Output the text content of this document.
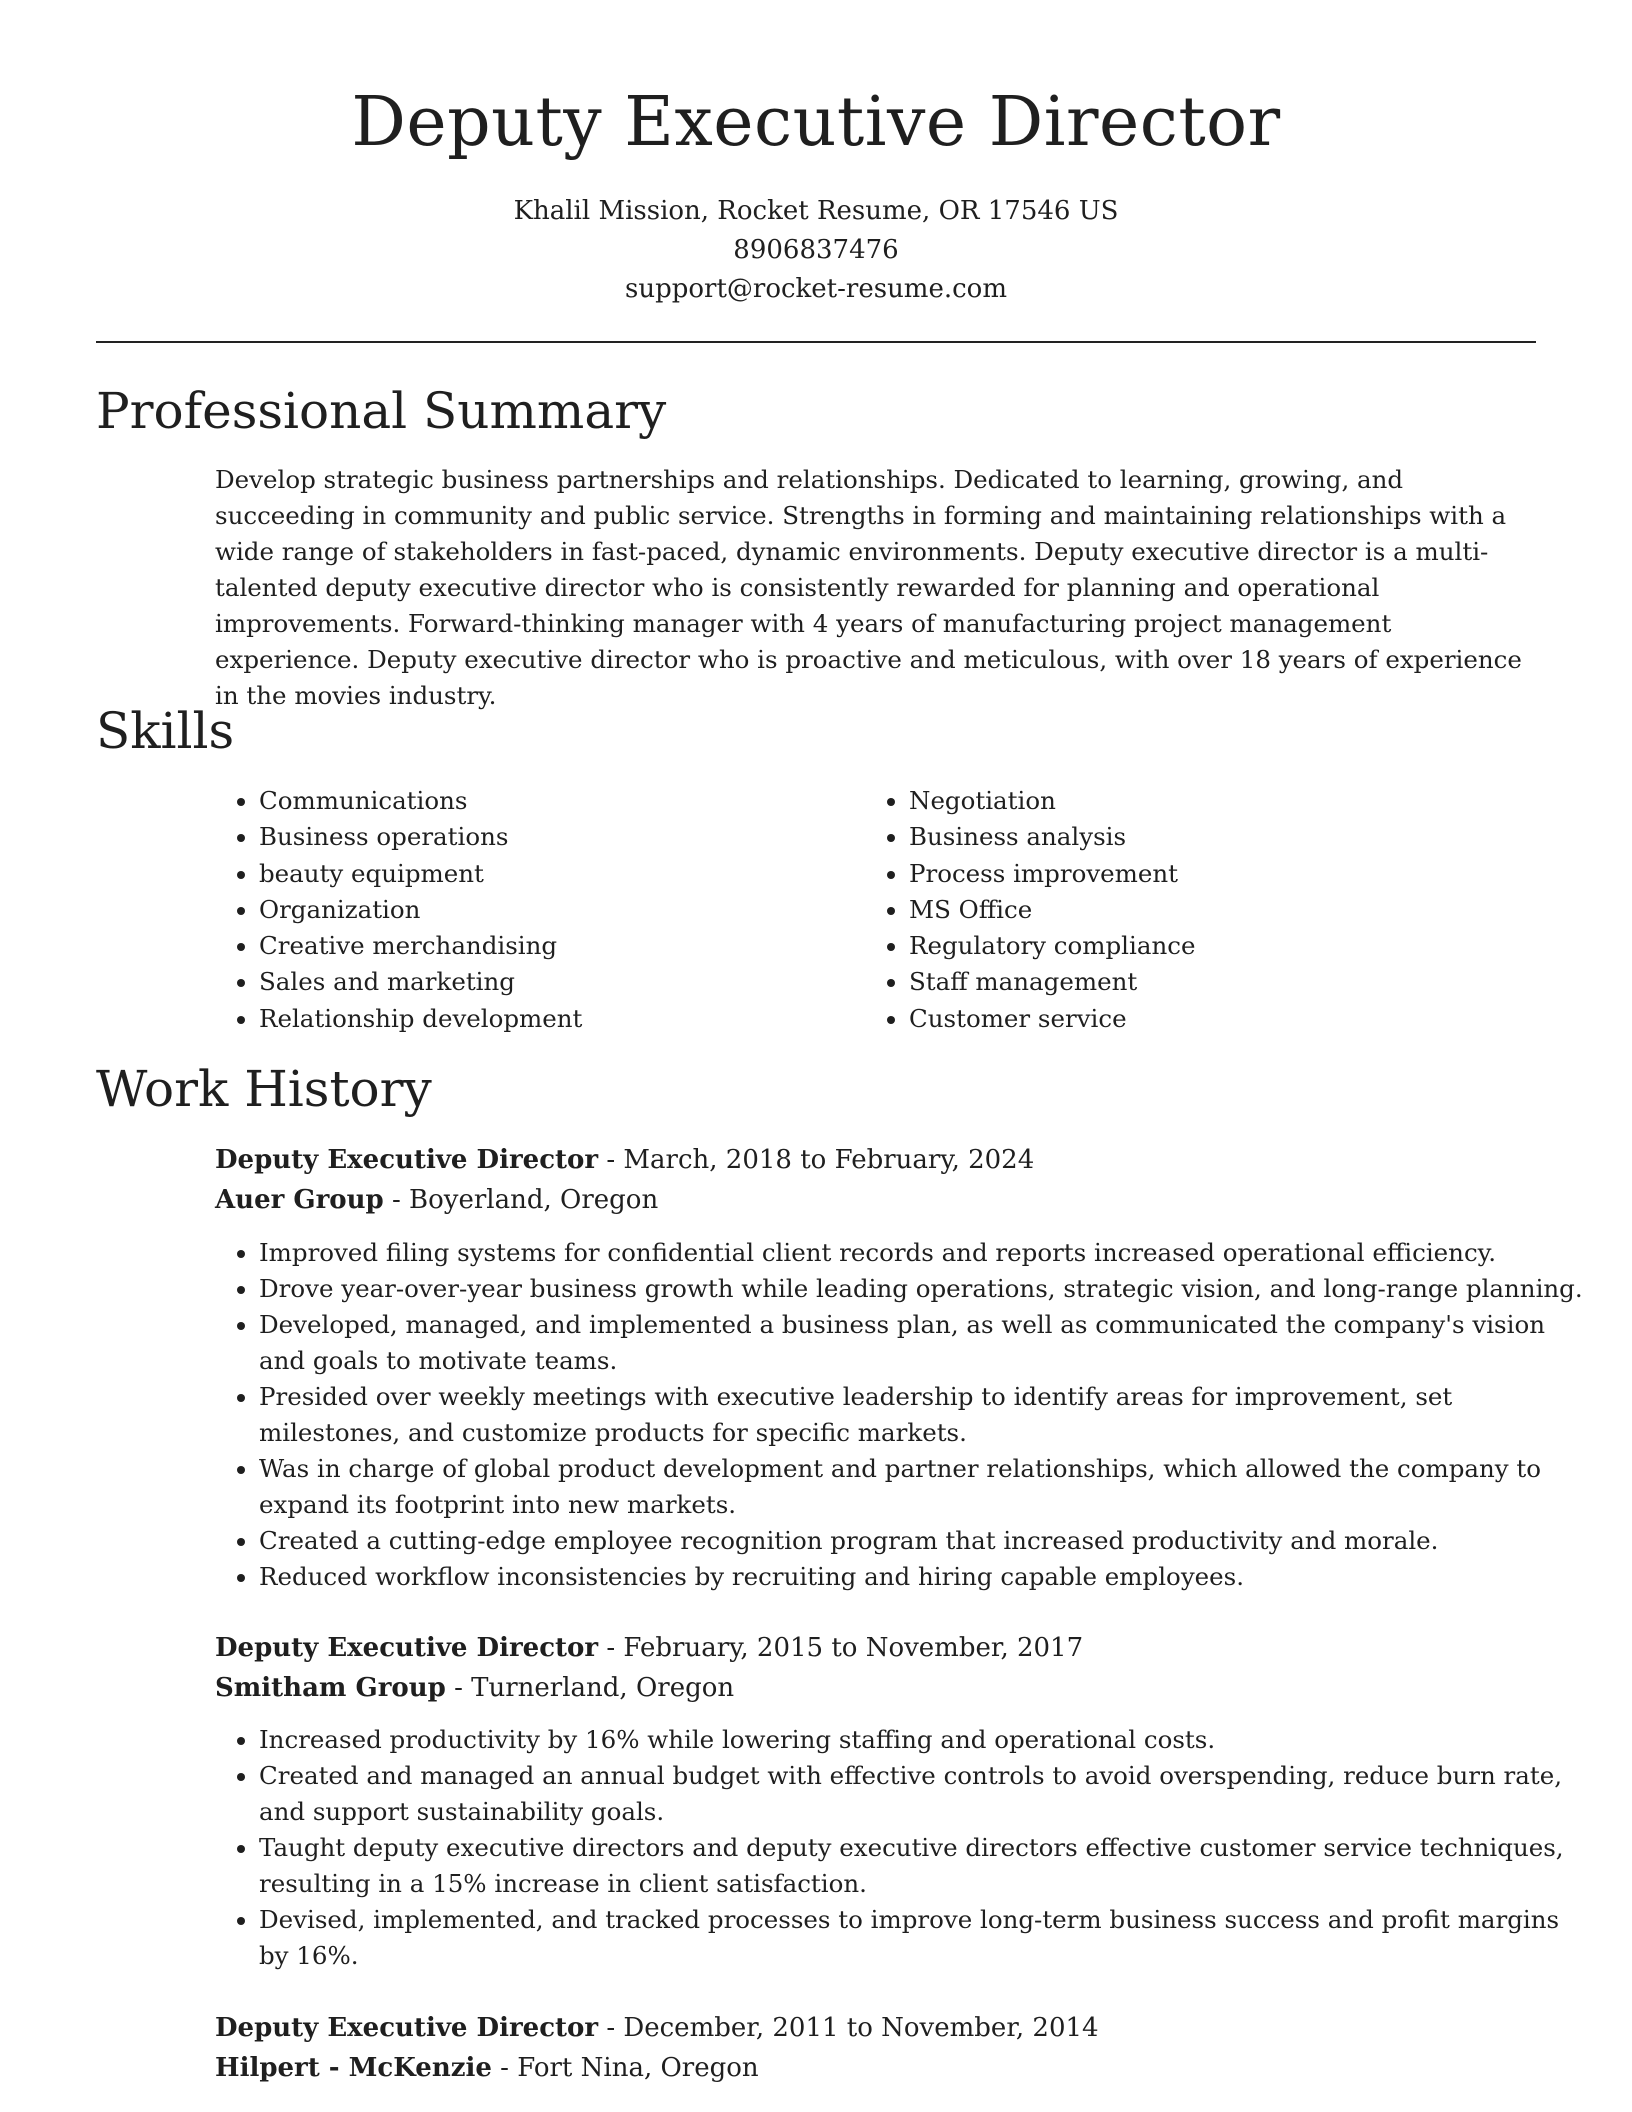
Deputy Executive Director
Khalil Mission, Rocket Resume, OR 17546 US
8906837476
support@rocket-resume.com
Professional Summary
Develop strategic business partnerships and relationships. Dedicated to learning, growing, and succeeding in community and public service. Strengths in forming and maintaining relationships with a wide range of stakeholders in fast-paced, dynamic environments. Deputy executive director is a multi-talented deputy executive director who is consistently rewarded for planning and operational improvements. Forward-thinking manager with 4 years of manufacturing project management experience. Deputy executive director who is proactive and meticulous, with over 18 years of experience in the movies industry.
Skills
• Communications
• Business operations
• beauty equipment
• Organization
• Creative merchandising
• Sales and marketing
• Relationship development
• Negotiation
• Business analysis
• Process improvement
• MS Office
• Regulatory compliance
• Staff management
• Customer service
Work History
Deputy Executive Director - March, 2018 to February, 2024
Auer Group - Boyerland, Oregon
• Improved filing systems for confidential client records and reports increased operational efficiency.
• Drove year-over-year business growth while leading operations, strategic vision, and long-range planning.
• Developed, managed, and implemented a business plan, as well as communicated the company's vision and goals to motivate teams.
• Presided over weekly meetings with executive leadership to identify areas for improvement, set milestones, and customize products for specific markets.
• Was in charge of global product development and partner relationships, which allowed the company to expand its footprint into new markets.
• Created a cutting-edge employee recognition program that increased productivity and morale.
• Reduced workflow inconsistencies by recruiting and hiring capable employees.
Deputy Executive Director - February, 2015 to November, 2017
Smitham Group - Turnerland, Oregon
• Increased productivity by 16% while lowering staffing and operational costs.
• Created and managed an annual budget with effective controls to avoid overspending, reduce burn rate, and support sustainability goals.
• Taught deputy executive directors and deputy executive directors effective customer service techniques, resulting in a 15% increase in client satisfaction.
• Devised, implemented, and tracked processes to improve long-term business success and profit margins by 16%.
Deputy Executive Director - December, 2011 to November, 2014
Hilpert - McKenzie - Fort Nina, Oregon
